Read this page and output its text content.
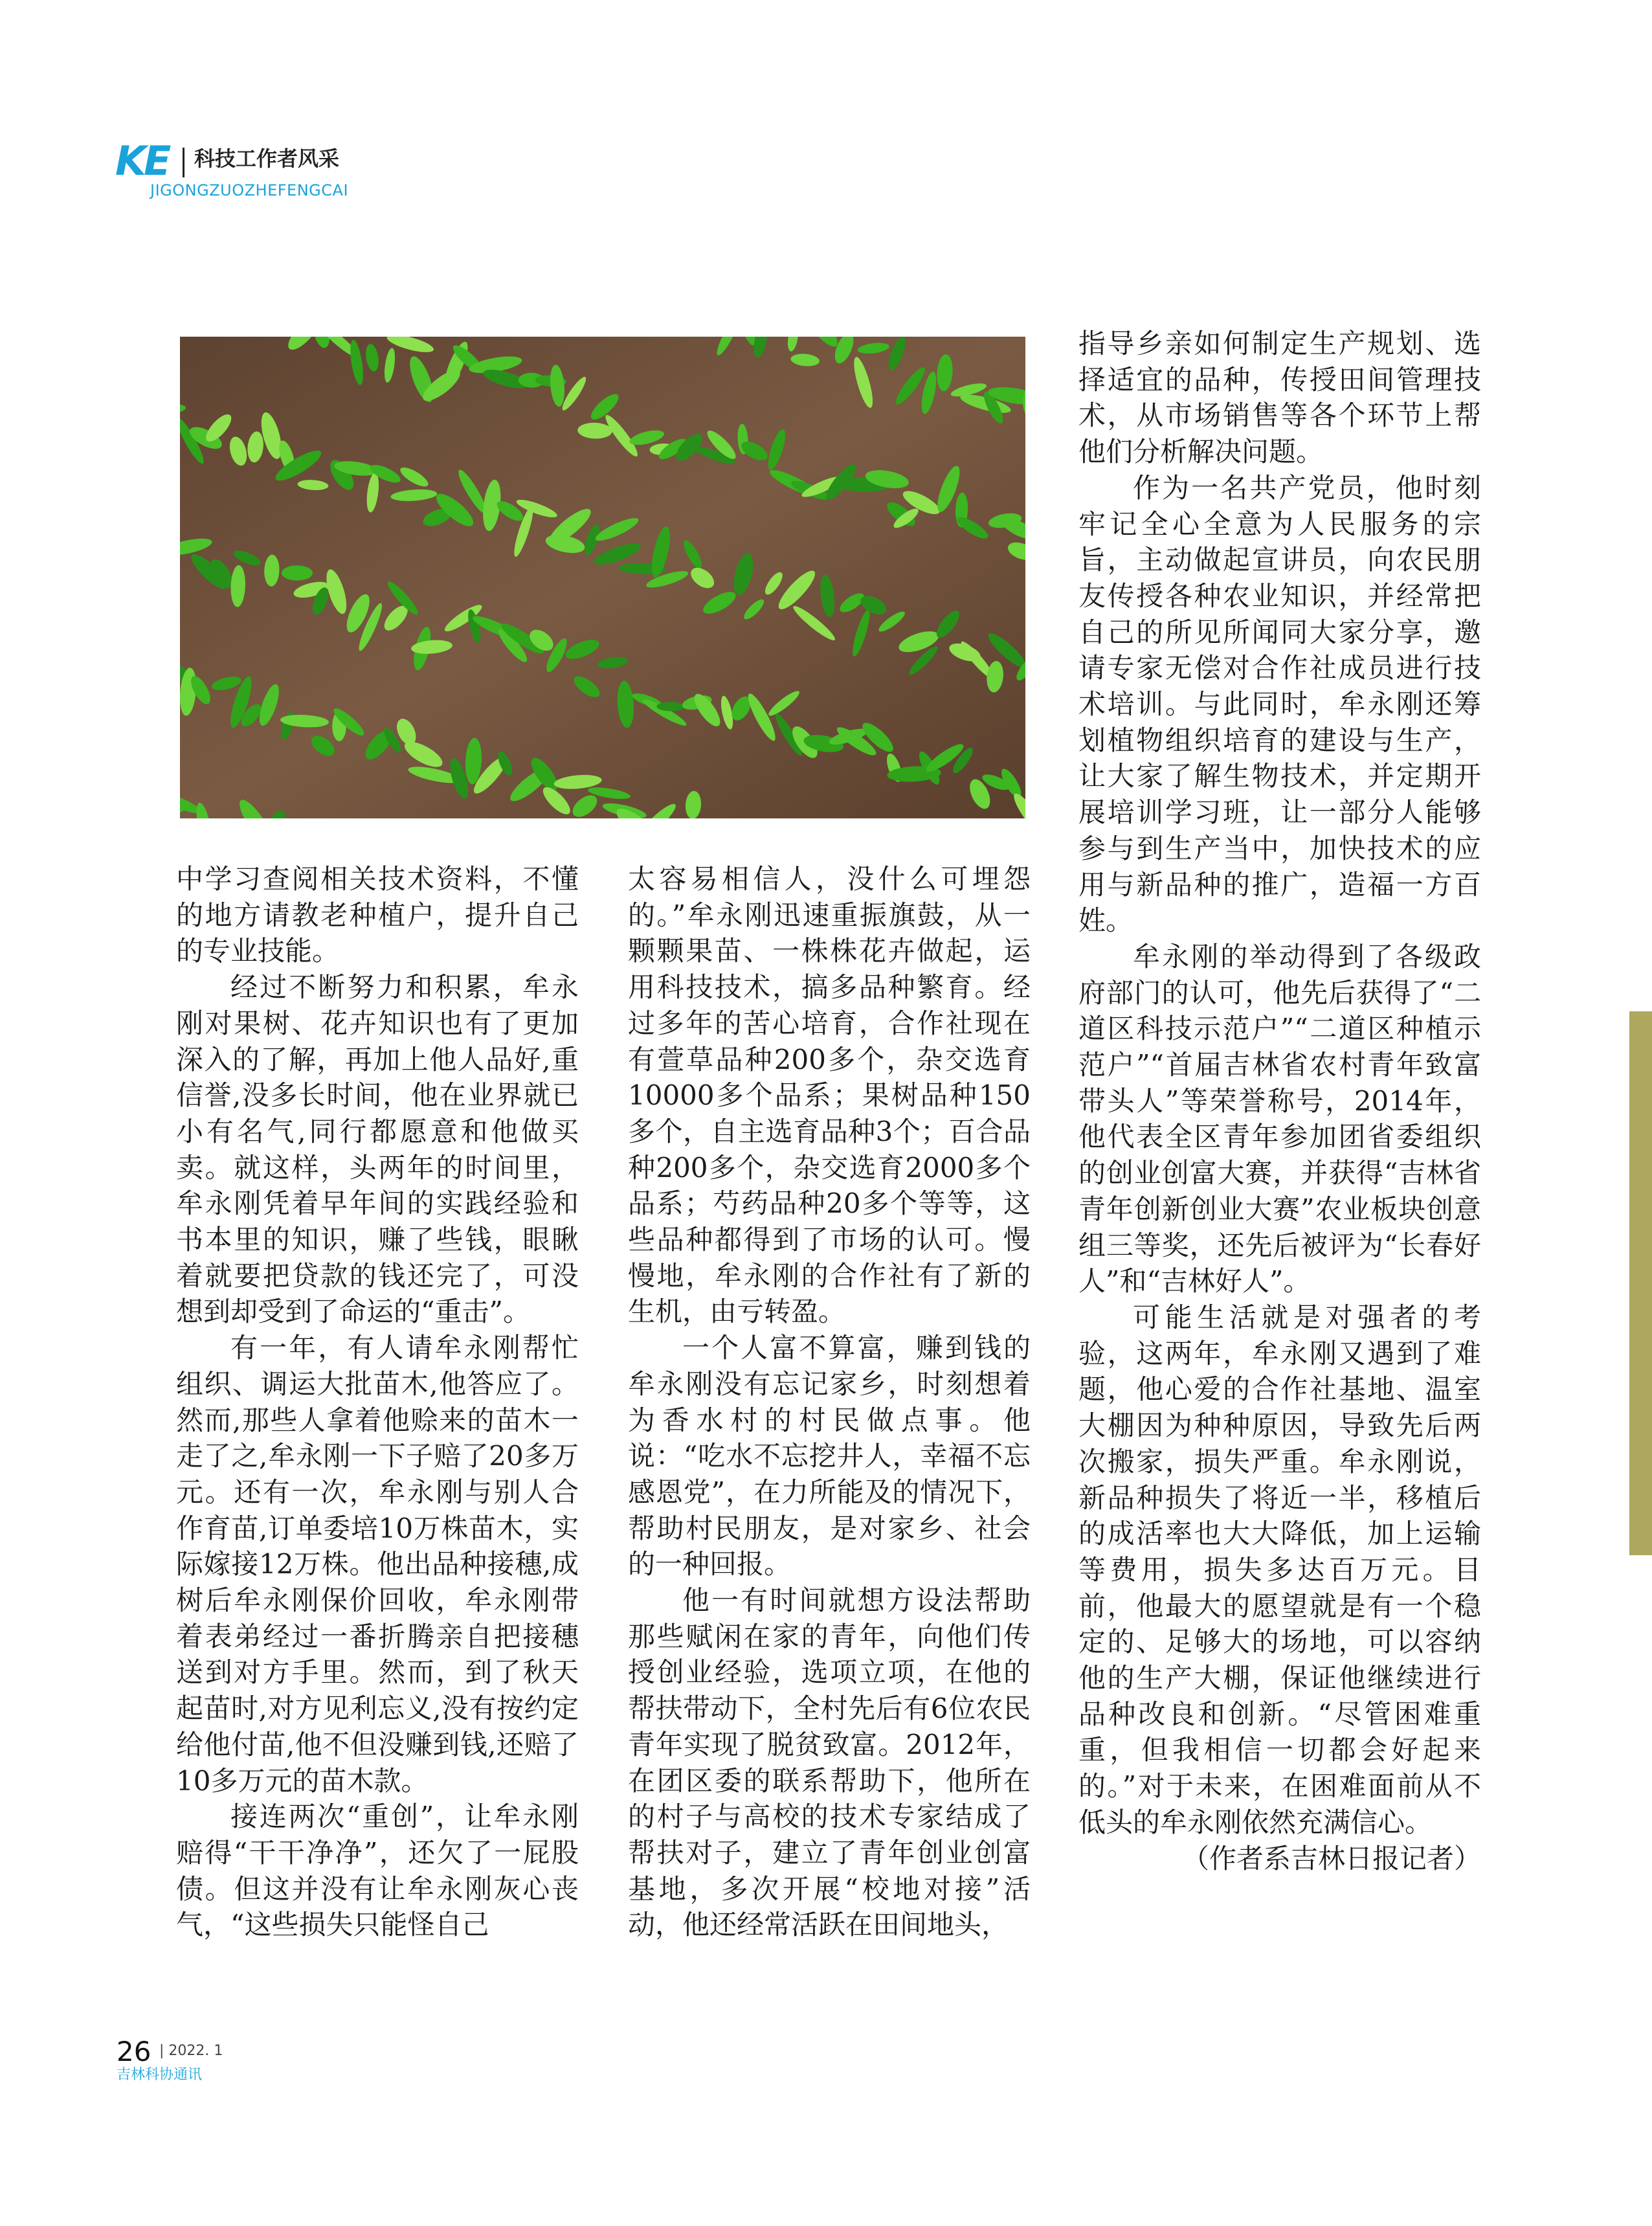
KE 科技工作者风采
JIGONGZUOZHEFENGCAI

中学习查阅相关技术资料，不懂的地方请教老种植户，提升自己的专业技能。

经过不断努力和积累，牟永刚对果树、花卉知识也有了更加深入的了解，再加上他人品好,重信誉,没多长时间，他在业界就已小有名气,同行都愿意和他做买卖。就这样，头两年的时间里，牟永刚凭着早年间的实践经验和书本里的知识，赚了些钱，眼瞅着就要把贷款的钱还完了，可没想到却受到了命运的“重击”。

有一年，有人请牟永刚帮忙组织、调运大批苗木,他答应了。然而,那些人拿着他赊来的苗木一走了之,牟永刚一下子赔了20多万元。还有一次，牟永刚与别人合作育苗,订单委培10万株苗木，实际嫁接12万株。他出品种接穗,成树后牟永刚保价回收，牟永刚带着表弟经过一番折腾亲自把接穗送到对方手里。然而，到了秋天起苗时,对方见利忘义,没有按约定给他付苗,他不但没赚到钱,还赔了10多万元的苗木款。

接连两次“重创”，让牟永刚赔得“干干净净”，还欠了一屁股债。但这并没有让牟永刚灰心丧气，“这些损失只能怪自己

太容易相信人，没什么可埋怨的。”牟永刚迅速重振旗鼓，从一颗颗果苗、一株株花卉做起，运用科技技术，搞多品种繁育。经过多年的苦心培育，合作社现在有萱草品种200多个，杂交选育10000多个品系；果树品种150多个，自主选育品种3个；百合品种200多个，杂交选育2000多个品系；芍药品种20多个等等，这些品种都得到了市场的认可。慢慢地，牟永刚的合作社有了新的生机，由亏转盈。

一个人富不算富，赚到钱的牟永刚没有忘记家乡，时刻想着为香水村的村民做点事。他说：“吃水不忘挖井人，幸福不忘感恩党”，在力所能及的情况下，帮助村民朋友，是对家乡、社会的一种回报。

他一有时间就想方设法帮助那些赋闲在家的青年，向他们传授创业经验，选项立项，在他的帮扶带动下，全村先后有6位农民青年实现了脱贫致富。2012年，在团区委的联系帮助下，他所在的村子与高校的技术专家结成了帮扶对子，建立了青年创业创富基地，多次开展“校地对接”活动，他还经常活跃在田间地头，

指导乡亲如何制定生产规划、选择适宜的品种，传授田间管理技术，从市场销售等各个环节上帮他们分析解决问题。

作为一名共产党员，他时刻牢记全心全意为人民服务的宗旨，主动做起宣讲员，向农民朋友传授各种农业知识，并经常把自己的所见所闻同大家分享，邀请专家无偿对合作社成员进行技术培训。与此同时，牟永刚还筹划植物组织培育的建设与生产，让大家了解生物技术，并定期开展培训学习班，让一部分人能够参与到生产当中，加快技术的应用与新品种的推广，造福一方百姓。

牟永刚的举动得到了各级政府部门的认可，他先后获得了“二道区科技示范户”“二道区种植示范户”“首届吉林省农村青年致富带头人”等荣誉称号，2014年，他代表全区青年参加团省委组织的创业创富大赛，并获得“吉林省青年创新创业大赛”农业板块创意组三等奖，还先后被评为“长春好人”和“吉林好人”。

可能生活就是对强者的考验，这两年，牟永刚又遇到了难题，他心爱的合作社基地、温室大棚因为种种原因，导致先后两次搬家，损失严重。牟永刚说，新品种损失了将近一半，移植后的成活率也大大降低，加上运输等费用，损失多达百万元。目前，他最大的愿望就是有一个稳定的、足够大的场地，可以容纳他的生产大棚，保证他继续进行品种改良和创新。“尽管困难重重，但我相信一切都会好起来的。”对于未来，在困难面前从不低头的牟永刚依然充满信心。

（作者系吉林日报记者）

26 | 2022. 1
吉林科协通讯
